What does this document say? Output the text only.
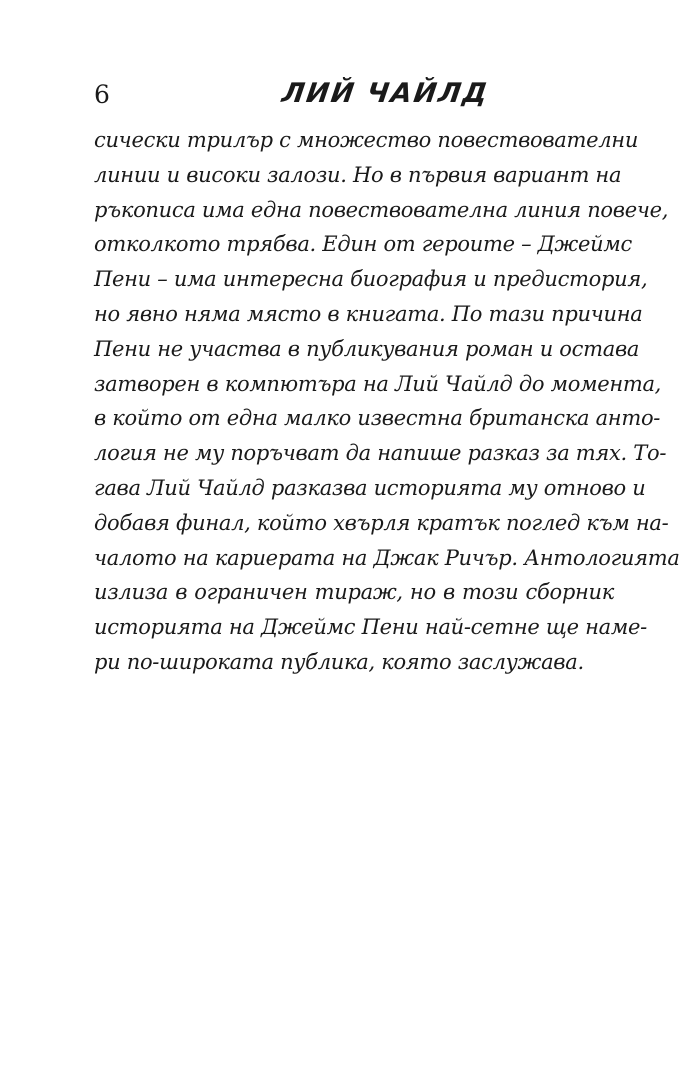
6	ЛИЙ ЧАЙЛД
сически трилър с множество повествователни
линии и високи залози. Но в първия вариант на
ръкописа има една повествователна линия повече,
отколкото трябва. Един от героите – Джеймс
Пени – има интересна биография и предистория,
но явно няма място в книгата. По тази причина
Пени не участва в публикувания роман и остава
затворен в компютъра на Лий Чайлд до момента,
в който от една малко известна британска анто-
логия не му поръчват да напише разказ за тях. То-
гава Лий Чайлд разказва историята му отново и
добавя финал, който хвърля кратък поглед към на-
чалото на кариерата на Джак Ричър. Антологията
излиза в ограничен тираж, но в този сборник
историята на Джеймс Пени най-сетне ще наме-
ри по-широката публика, която заслужава.
